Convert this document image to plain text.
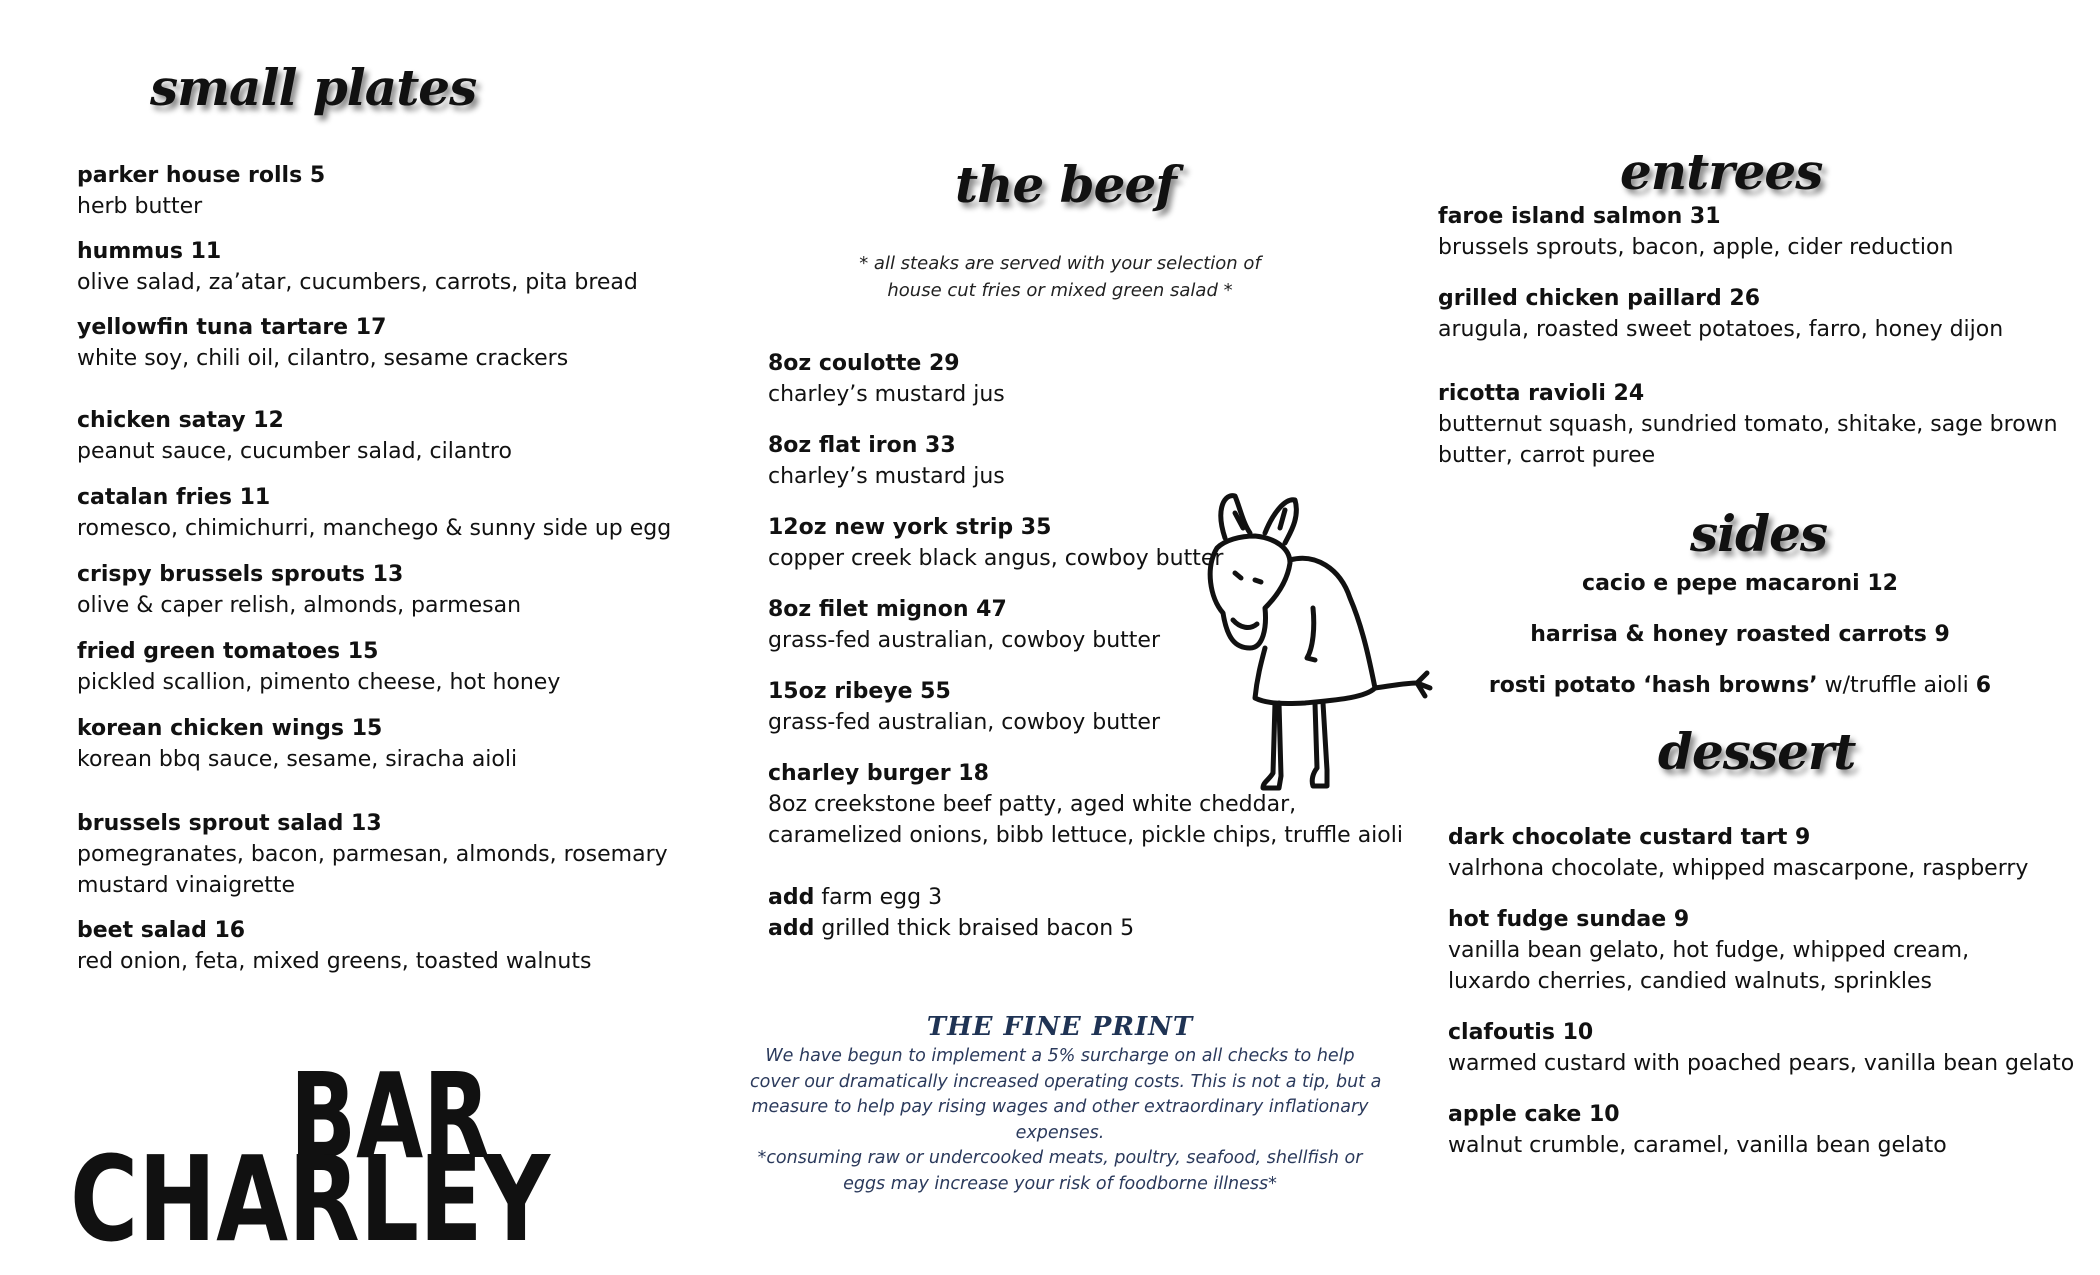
small plates
parker house rolls 5
herb butter
hummus 11
olive salad, za’atar, cucumbers, carrots, pita bread
yellowfin tuna tartare 17
white soy, chili oil, cilantro, sesame crackers
chicken satay 12
peanut sauce, cucumber salad, cilantro
catalan fries 11
romesco, chimichurri, manchego & sunny side up egg
crispy brussels sprouts 13
olive & caper relish, almonds, parmesan
fried green tomatoes 15
pickled scallion, pimento cheese, hot honey
korean chicken wings 15
korean bbq sauce, sesame, siracha aioli
brussels sprout salad 13
pomegranates, bacon, parmesan, almonds, rosemary
mustard vinaigrette
beet salad 16
red onion, feta, mixed greens, toasted walnuts
the beef
* all steaks are served with your selection of
house cut fries or mixed green salad *
8oz coulotte 29
charley’s mustard jus
8oz flat iron 33
charley’s mustard jus
12oz new york strip 35
copper creek black angus, cowboy butter
8oz filet mignon 47
grass-fed australian, cowboy butter
15oz ribeye 55
grass-fed australian, cowboy butter
charley burger 18
8oz creekstone beef patty, aged white cheddar,
caramelized onions, bibb lettuce, pickle chips, truffle aioli
add farm egg 3
add grilled thick braised bacon 5
entrees
faroe island salmon 31
brussels sprouts, bacon, apple, cider reduction
grilled chicken paillard 26
arugula, roasted sweet potatoes, farro, honey dijon
ricotta ravioli 24
butternut squash, sundried tomato, shitake, sage brown
butter, carrot puree
sides
cacio e pepe macaroni 12
harrisa & honey roasted carrots 9
rosti potato ‘hash browns’ w/truffle aioli 6
dessert
dark chocolate custard tart 9
valrhona chocolate, whipped mascarpone, raspberry
hot fudge sundae 9
vanilla bean gelato, hot fudge, whipped cream,
luxardo cherries, candied walnuts, sprinkles
clafoutis 10
warmed custard with poached pears, vanilla bean gelato
apple cake 10
walnut crumble, caramel, vanilla bean gelato
THE FINE PRINT
We have begun to implement a 5% surcharge on all checks to help
cover our dramatically increased operating costs. This is not a tip, but a
measure to help pay rising wages and other extraordinary inflationary
expenses.
*consuming raw or undercooked meats, poultry, seafood, shellfish or
eggs may increase your risk of foodborne illness*
BAR
CHARLEY
